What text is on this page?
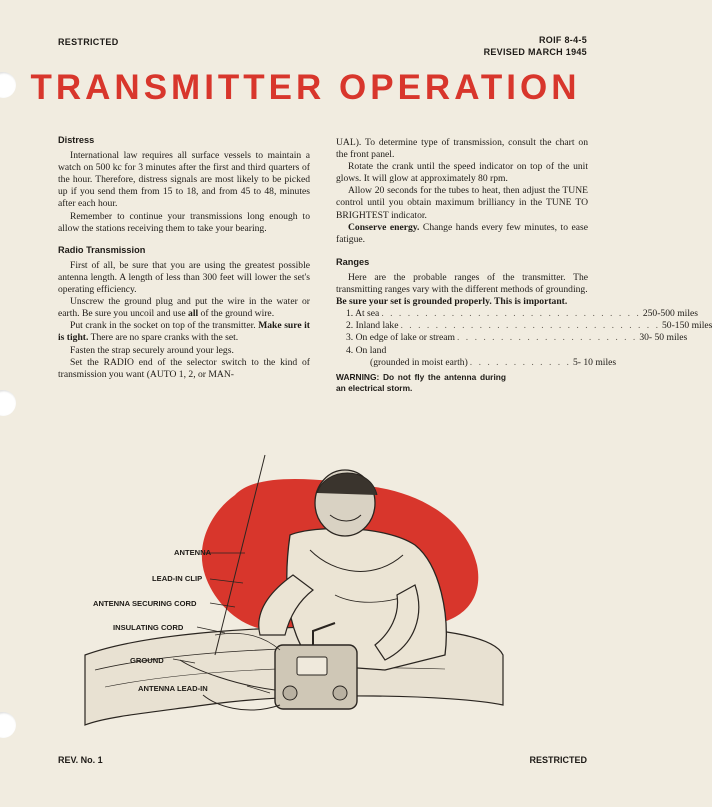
RESTRICTED	ROIF 8-4-5
REVISED MARCH 1945
TRANSMITTER OPERATION

Distress

International law requires all surface vessels to maintain a watch on 500 kc for 3 minutes after the first and third quarters of the hour. Therefore, distress signals are most likely to be picked up if you send them from 15 to 18, and from 45 to 48, minutes after each hour.

Remember to continue your transmissions long enough to allow the stations receiving them to take your bearing.

Radio Transmission

First of all, be sure that you are using the greatest possible antenna length. A length of less than 300 feet will lower the set's operating efficiency.

Unscrew the ground plug and put the wire in the water or earth. Be sure you uncoil and use all of the ground wire.

Put crank in the socket on top of the transmitter. Make sure it is tight. There are no spare cranks with the set.

Fasten the strap securely around your legs.

Set the RADIO end of the selector switch to the kind of transmission you want (AUTO 1, 2, or MAN-

UAL). To determine type of transmission, consult the chart on the front panel.

Rotate the crank until the speed indicator on top of the unit glows. It will glow at approximately 80 rpm.

Allow 20 seconds for the tubes to heat, then adjust the TUNE control until you obtain maximum brilliancy in the TUNE TO BRIGHTEST indicator.

Conserve energy. Change hands every few minutes, to ease fatigue.

Ranges

Here are the probable ranges of the transmitter. The transmitting ranges vary with the different methods of grounding.

Be sure your set is grounded properly. This is important.

1. At sea . . . . . . . . . . . . . . . . . . . . . . . . . . . . . . 250-500 miles
2. Inland lake . . . . . . . . . . . . . . . . . . . . . . . . . . . . . . 50-150 miles
3. On edge of lake or stream . . . . . . . . . . . . . . . . . . . . . 30- 50 miles
4. On land
(grounded in moist earth) . . . . . . . . . . . . 5- 10 miles

WARNING: Do not fly the antenna during an electrical storm.

ANTENNA
LEAD-IN CLIP
ANTENNA SECURING CORD
INSULATING CORD
GROUND
ANTENNA LEAD-IN
REV. No. 1	RESTRICTED
